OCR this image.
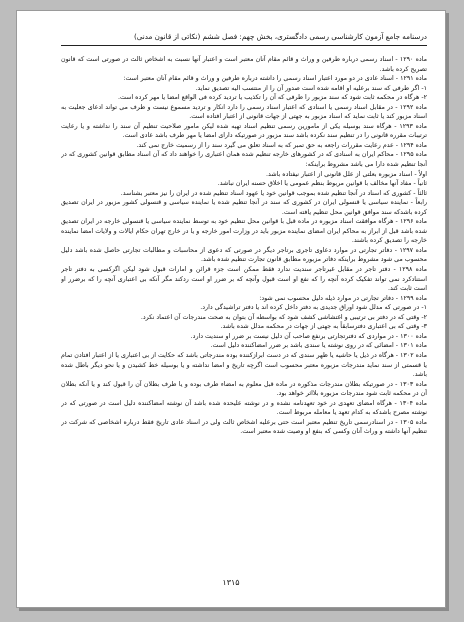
درسنامه جامع آزمون کارشناسی رسمی دادگستری، بخش چهم: فصل ششم (نکاتی از قانون مدنی)

ماده ۱۲۹۰ - اسناد رسمی درباره طرفین و وراث و قائم مقام آنان معتبر است و اعتبار آنها نسبت به اشخاص ثالث در صورتی است که قانون تصریح کرده باشد.

ماده ۱۲۹۱ - اسناد عادی در دو مورد اعتبار اسناد رسمی را داشته درباره طرفین و وراث و قائم مقام آنان معتبر است:

۱- اگر طرفی که سند برعلیه او اقامه شده است صدور آن را از منتسب الیه تصدیق نماید.

۲- هرگاه در محکمه ثابت شود که سند مزبور را طرفی که آن را تکذیب یا تردید کرده فی الواقع امضا یا مهر کرده است.

ماده ۱۲۹۲ - در مقابل اسناد رسمی یا اسنادی که اعتبار اسناد رسمی را دارد انکار و تردید مسموع نیست و طرف می تواند ادعای جعلیت به اسناد مزبور کند یا ثابت نماید که اسناد مزبور به جهتی از جهات قانونی از اعتبار افتاده است.

ماده ۱۲۹۳ - هرگاه سند بوسیله یکی از مامورین رسمی تنظیم اسناد تهیه شده لیکن مامور صلاحیت تنظیم آن سند را نداشته و یا رعایت ترتیبات مقرره قانونی را در تنظیم سند نکرده باشد سند مزبور در صورتیکه دارای امضا یا مهر طرف باشد عادی است.

ماده ۱۲۹۴ - عدم رعایت مقررات راجعه به حق تمبر که به اسناد تعلق می گیرد سند را از رسمیت خارج نمی کند.

ماده ۱۲۹۵ - محاکم ایران به اسنادی که در کشورهای خارجه تنظیم شده همان اعتباری را خواهند داد که آن اسناد مطابق قوانین کشوری که در آنجا تنظیم شده دارا می باشد مشروط براینکه:

اولاً - اسناد مزبوره بعلتی از علل قانونی از اعتبار نیفتاده باشد.

ثانیاً - مفاد آنها مخالف با قوانین مربوط بنظم عمومی یا اخلاق حسنه ایران نباشد.

ثالثاً - کشوری که اسناد در آنجا تنظیم شده بموجب قوانین خود یا عهود اسناد تنظیم شده در ایران را نیز معتبر بشناسد.

رابعاً - نماینده سیاسی یا قنسولی ایران در کشوری که سند در آنجا تنظیم شده یا نماینده سیاسی و قنسولی کشور مزبور در ایران تصدیق کرده باشدکه سند موافق قوانین محل تنظیم یافته است.

ماده ۱۲۹۶ - هرگاه موافقت اسناد مزبوره در ماده قبل با قوانین محل تنظیم خود به توسط نماینده سیاسی یا قنسولی خارجه در ایران تصدیق شده باشد قبل از ابراز به محاکم ایران امضای نماینده مزبور باید در وزارت امور خارجه و یا در خارج تهران حکام ایالات و ولایات امضا نماینده خارجه را تصدیق کرده باشند.

ماده ۱۲۹۷ - دفاتر تجارتی در موارد دعاوی تاجری برتاجر دیگر در صورتی که دعوی از محاسبات و مطالبات تجارتی حاصل شده باشد دلیل محسوب می شود مشروط براینکه دفاتر مزبوره مطابق قانون تجارت تنظیم شده باشد.

ماده ۱۲۹۸ - دفتر تاجر در مقابل غیرتاجر سندیت ندارد فقط ممکن است جزء قرائن و امارات قبول شود لیکن اگرکسی به دفتر تاجر استنادکرد نمی تواند تفکیک کرده آنچه را که نفع او است قبول وآنچه که بر ضرر او است ردکند مگر آنکه بی اعتباری آنچه را که برضرر او است ثابت کند.

ماده ۱۲۹۹ - دفاتر تجارتی در موارد ذیله دلیل محسوب نمی شود:

۱- در صورتی که مدلل شود اوراق جدیدی به دفتر داخل کرده اند یا دفتر تراشیدگی دارد.

۲- وقتی که در دفتر بی ترتیبی و اغتشاشی کشف شود که بواسطه آن بتوان به صحت مندرجات آن اعتماد نکرد.

۳- وقتی که بی اعتباری دفترسابقاً به جهتی از جهات در محکمه مدلل شده باشد.

ماده ۱۳۰۰ - در مواردی که دفترتجارتی برنفع صاحب آن دلیل نیست بر ضرر او سندیت دارد.

ماده ۱۳۰۱ - امضائی که در روی نوشته یا سندی باشد بر ضرر امضاکننده دلیل است.

ماده ۱۳۰۲ - هرگاه در ذیل یا حاشیه یا ظهر سندی که در دست ابرازکننده بوده مندرجاتی باشد که حکایت از بی اعتباری یا از اعتبار افتادن تمام یا قسمتی از سند نماید مندرجات مزبوره معتبر محسوب است اگرچه تاریخ و امضا نداشته و یا بوسیله خط کشیدن و یا نحو دیگر باطل شده باشد.

ماده ۱۳۰۳ - در صورتیکه بطلان مندرجات مذکوره در ماده قبل معلوم به امضاء طرف بوده و یا طرف بطلان آن را قبول کند و یا آنکه بطلان آن در محکمه ثابت شود مندرجات مزبوره بلااثر خواهد بود.

ماده ۱۳۰۴ - هرگاه امضای تعهدی در خود تعهدنامه نشده و در نوشته علیحده شده باشد آن نوشته امضاکننده دلیل است در صورتی که در نوشته مصرح باشدکه به کدام تعهد یا معامله مربوط است.

ماده ۱۳۰۵ - در اسنادرسمی تاریخ تنظیم معتبر است حتی برعلیه اشخاص ثالث ولی در اسناد عادی تاریخ فقط درباره اشخاصی که شرکت در تنظیم آنها داشته و وراث آنان وکسی که بنفع او وصیت شده معتبر است.

۱۳۱۵
